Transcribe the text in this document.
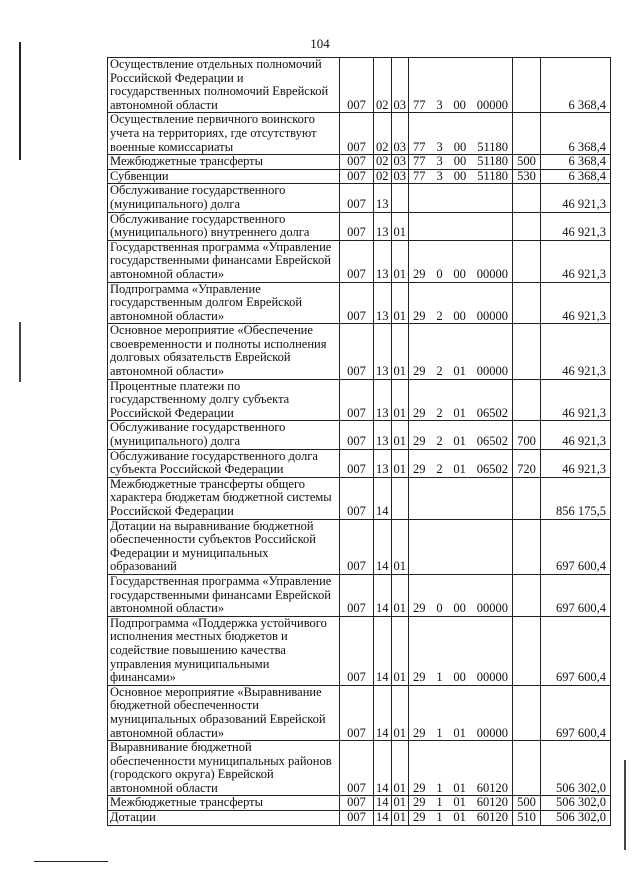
104
Осуществление отдельных полномочий Российской Федерации и государственных полномочий Еврейской автономной области	007	02	03	77 3 00 00000		6 368,4
Осуществление первичного воинского учета на территориях, где отсутствуют военные комиссариаты	007	02	03	77 3 00 51180		6 368,4
Межбюджетные трансферты	007	02	03	77 3 00 51180	500	6 368,4
Субвенции	007	02	03	77 3 00 51180	530	6 368,4
Обслуживание государственного (муниципального) долга	007	13				46 921,3
Обслуживание государственного (муниципального) внутреннего долга	007	13	01			46 921,3
Государственная программа «Управление государственными финансами Еврейской автономной области»	007	13	01	29 0 00 00000		46 921,3
Подпрограмма «Управление государственным долгом Еврейской автономной области»	007	13	01	29 2 00 00000		46 921,3
Основное мероприятие «Обеспечение своевременности и полноты исполнения долговых обязательств Еврейской автономной области»	007	13	01	29 2 01 00000		46 921,3
Процентные платежи по государственному долгу субъекта Российской Федерации	007	13	01	29 2 01 06502		46 921,3
Обслуживание государственного (муниципального) долга	007	13	01	29 2 01 06502	700	46 921,3
Обслуживание государственного долга субъекта Российской Федерации	007	13	01	29 2 01 06502	720	46 921,3
Межбюджетные трансферты общего характера бюджетам бюджетной системы Российской Федерации	007	14				856 175,5
Дотации на выравнивание бюджетной обеспеченности субъектов Российской Федерации и муниципальных образований	007	14	01			697 600,4
Государственная программа «Управление государственными финансами Еврейской автономной области»	007	14	01	29 0 00 00000		697 600,4
Подпрограмма «Поддержка устойчивого исполнения местных бюджетов и содействие повышению качества управления муниципальными финансами»	007	14	01	29 1 00 00000		697 600,4
Основное мероприятие «Выравнивание бюджетной обеспеченности муниципальных образований Еврейской автономной области»	007	14	01	29 1 01 00000		697 600,4
Выравнивание бюджетной обеспеченности муниципальных районов (городского округа) Еврейской автономной области	007	14	01	29 1 01 60120		506 302,0
Межбюджетные трансферты	007	14	01	29 1 01 60120	500	506 302,0
Дотации	007	14	01	29 1 01 60120	510	506 302,0
